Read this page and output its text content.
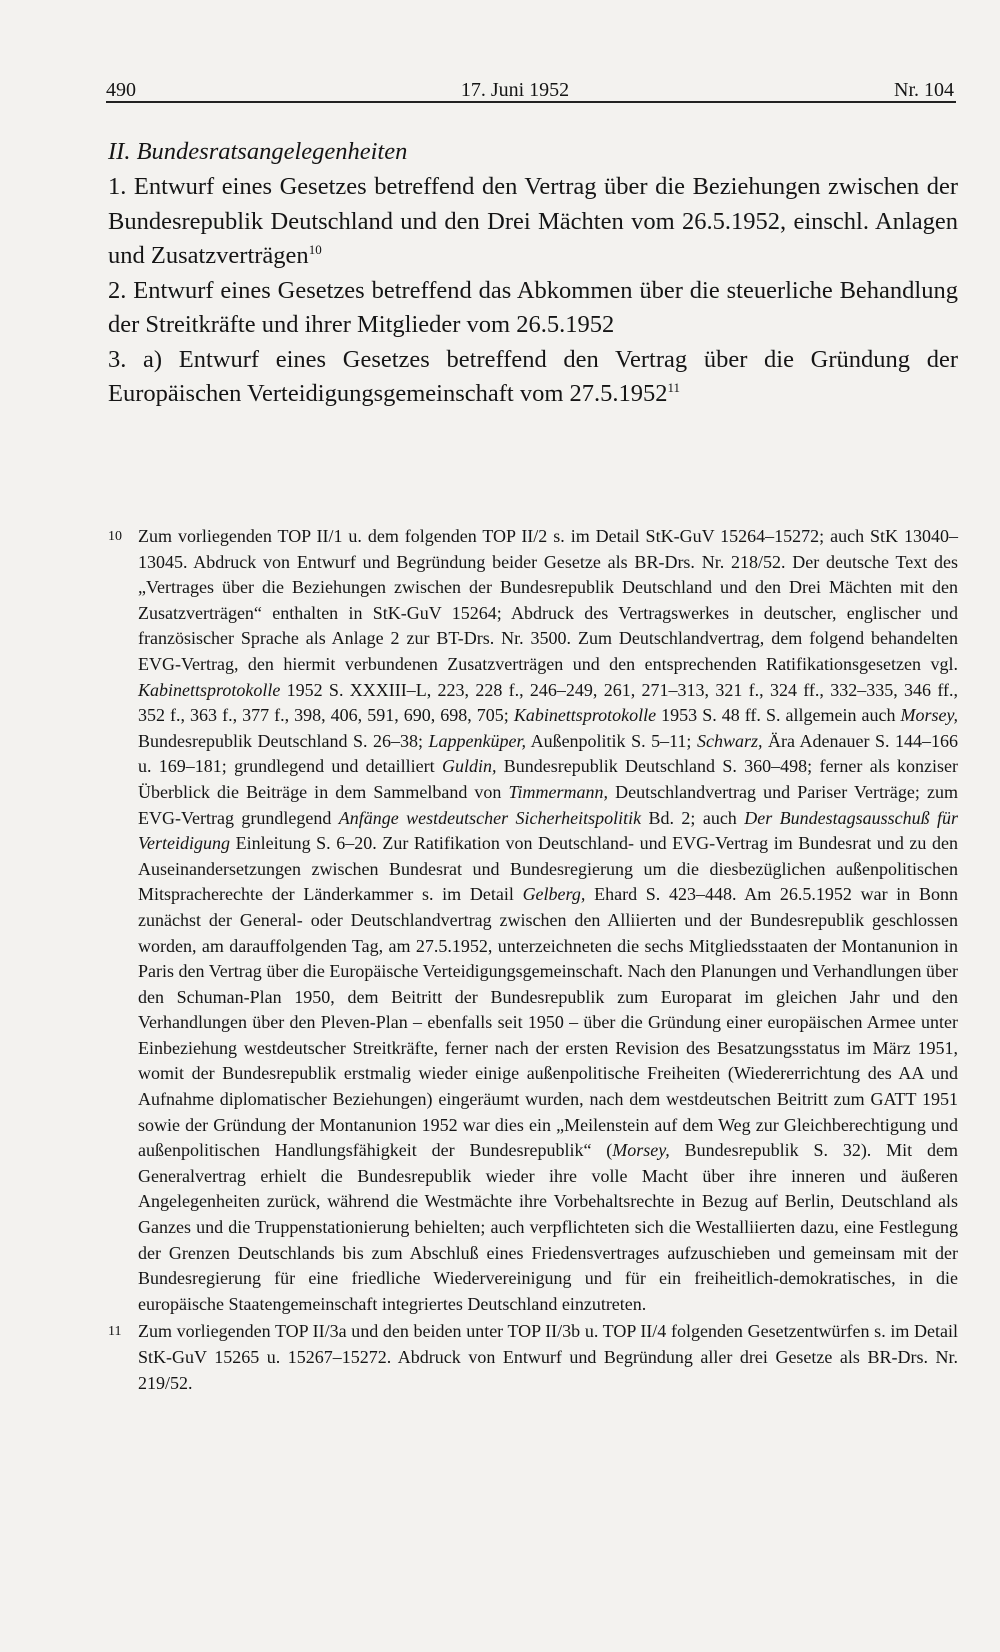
490	17. Juni 1952	Nr. 104

II. Bundesratsangelegenheiten

1. Entwurf eines Gesetzes betreffend den Vertrag über die Beziehungen zwischen der Bundesrepublik Deutschland und den Drei Mächten vom 26.5.1952, einschl. Anlagen und Zusatzverträgen$^{10}$

2. Entwurf eines Gesetzes betreffend das Abkommen über die steuerliche Behandlung der Streitkräfte und ihrer Mitglieder vom 26.5.1952

3. a) Entwurf eines Gesetzes betreffend den Vertrag über die Gründung der Europäischen Verteidigungsgemeinschaft vom 27.5.1952$^{11}$

10 Zum vorliegenden TOP II/1 u. dem folgenden TOP II/2 s. im Detail StK-GuV 15264–15272; auch StK 13040–13045. Abdruck von Entwurf und Begründung beider Gesetze als BR-Drs. Nr. 218/52. Der deutsche Text des „Vertrages über die Beziehungen zwischen der Bundesrepublik Deutschland und den Drei Mächten mit den Zusatzverträgen“ enthalten in StK-GuV 15264; Abdruck des Vertragswerkes in deutscher, englischer und französischer Sprache als Anlage 2 zur BT-Drs. Nr. 3500. Zum Deutschlandvertrag, dem folgend behandelten EVG-Vertrag, den hiermit verbundenen Zusatzverträgen und den entsprechenden Ratifikationsgesetzen vgl. Kabinettsprotokolle 1952 S. XXXIII–L, 223, 228 f., 246–249, 261, 271–313, 321 f., 324 ff., 332–335, 346 ff., 352 f., 363 f., 377 f., 398, 406, 591, 690, 698, 705; Kabinettsprotokolle 1953 S. 48 ff. S. allgemein auch Morsey, Bundesrepublik Deutschland S. 26–38; Lappenküper, Außenpolitik S. 5–11; Schwarz, Ära Adenauer S. 144–166 u. 169–181; grundlegend und detailliert Guldin, Bundesrepublik Deutschland S. 360–498; ferner als konziser Überblick die Beiträge in dem Sammelband von Timmermann, Deutschlandvertrag und Pariser Verträge; zum EVG-Vertrag grundlegend Anfänge westdeutscher Sicherheitspolitik Bd. 2; auch Der Bundestagsausschuß für Verteidigung Einleitung S. 6–20. Zur Ratifikation von Deutschland- und EVG-Vertrag im Bundesrat und zu den Auseinandersetzungen zwischen Bundesrat und Bundesregierung um die diesbezüglichen außenpolitischen Mitspracherechte der Länderkammer s. im Detail Gelberg, Ehard S. 423–448. Am 26.5.1952 war in Bonn zunächst der General- oder Deutschlandvertrag zwischen den Alliierten und der Bundesrepublik geschlossen worden, am darauffolgenden Tag, am 27.5.1952, unterzeichneten die sechs Mitgliedsstaaten der Montanunion in Paris den Vertrag über die Europäische Verteidigungsgemeinschaft. Nach den Planungen und Verhandlungen über den Schuman-Plan 1950, dem Beitritt der Bundesrepublik zum Europarat im gleichen Jahr und den Verhandlungen über den Pleven-Plan – ebenfalls seit 1950 – über die Gründung einer europäischen Armee unter Einbeziehung westdeutscher Streitkräfte, ferner nach der ersten Revision des Besatzungsstatus im März 1951, womit der Bundesrepublik erstmalig wieder einige außenpolitische Freiheiten (Wiedererrichtung des AA und Aufnahme diplomatischer Beziehungen) eingeräumt wurden, nach dem westdeutschen Beitritt zum GATT 1951 sowie der Gründung der Montanunion 1952 war dies ein „Meilenstein auf dem Weg zur Gleichberechtigung und außenpolitischen Handlungsfähigkeit der Bundesrepublik“ (Morsey, Bundesrepublik S. 32). Mit dem Generalvertrag erhielt die Bundesrepublik wieder ihre volle Macht über ihre inneren und äußeren Angelegenheiten zurück, während die Westmächte ihre Vorbehaltsrechte in Bezug auf Berlin, Deutschland als Ganzes und die Truppenstationierung behielten; auch verpflichteten sich die Westalliierten dazu, eine Festlegung der Grenzen Deutschlands bis zum Abschluß eines Friedensvertrages aufzuschieben und gemeinsam mit der Bundesregierung für eine friedliche Wiedervereinigung und für ein freiheitlich-demokratisches, in die europäische Staatengemeinschaft integriertes Deutschland einzutreten.

11 Zum vorliegenden TOP II/3a und den beiden unter TOP II/3b u. TOP II/4 folgenden Gesetzentwürfen s. im Detail StK-GuV 15265 u. 15267–15272. Abdruck von Entwurf und Begründung aller drei Gesetze als BR-Drs. Nr. 219/52.
